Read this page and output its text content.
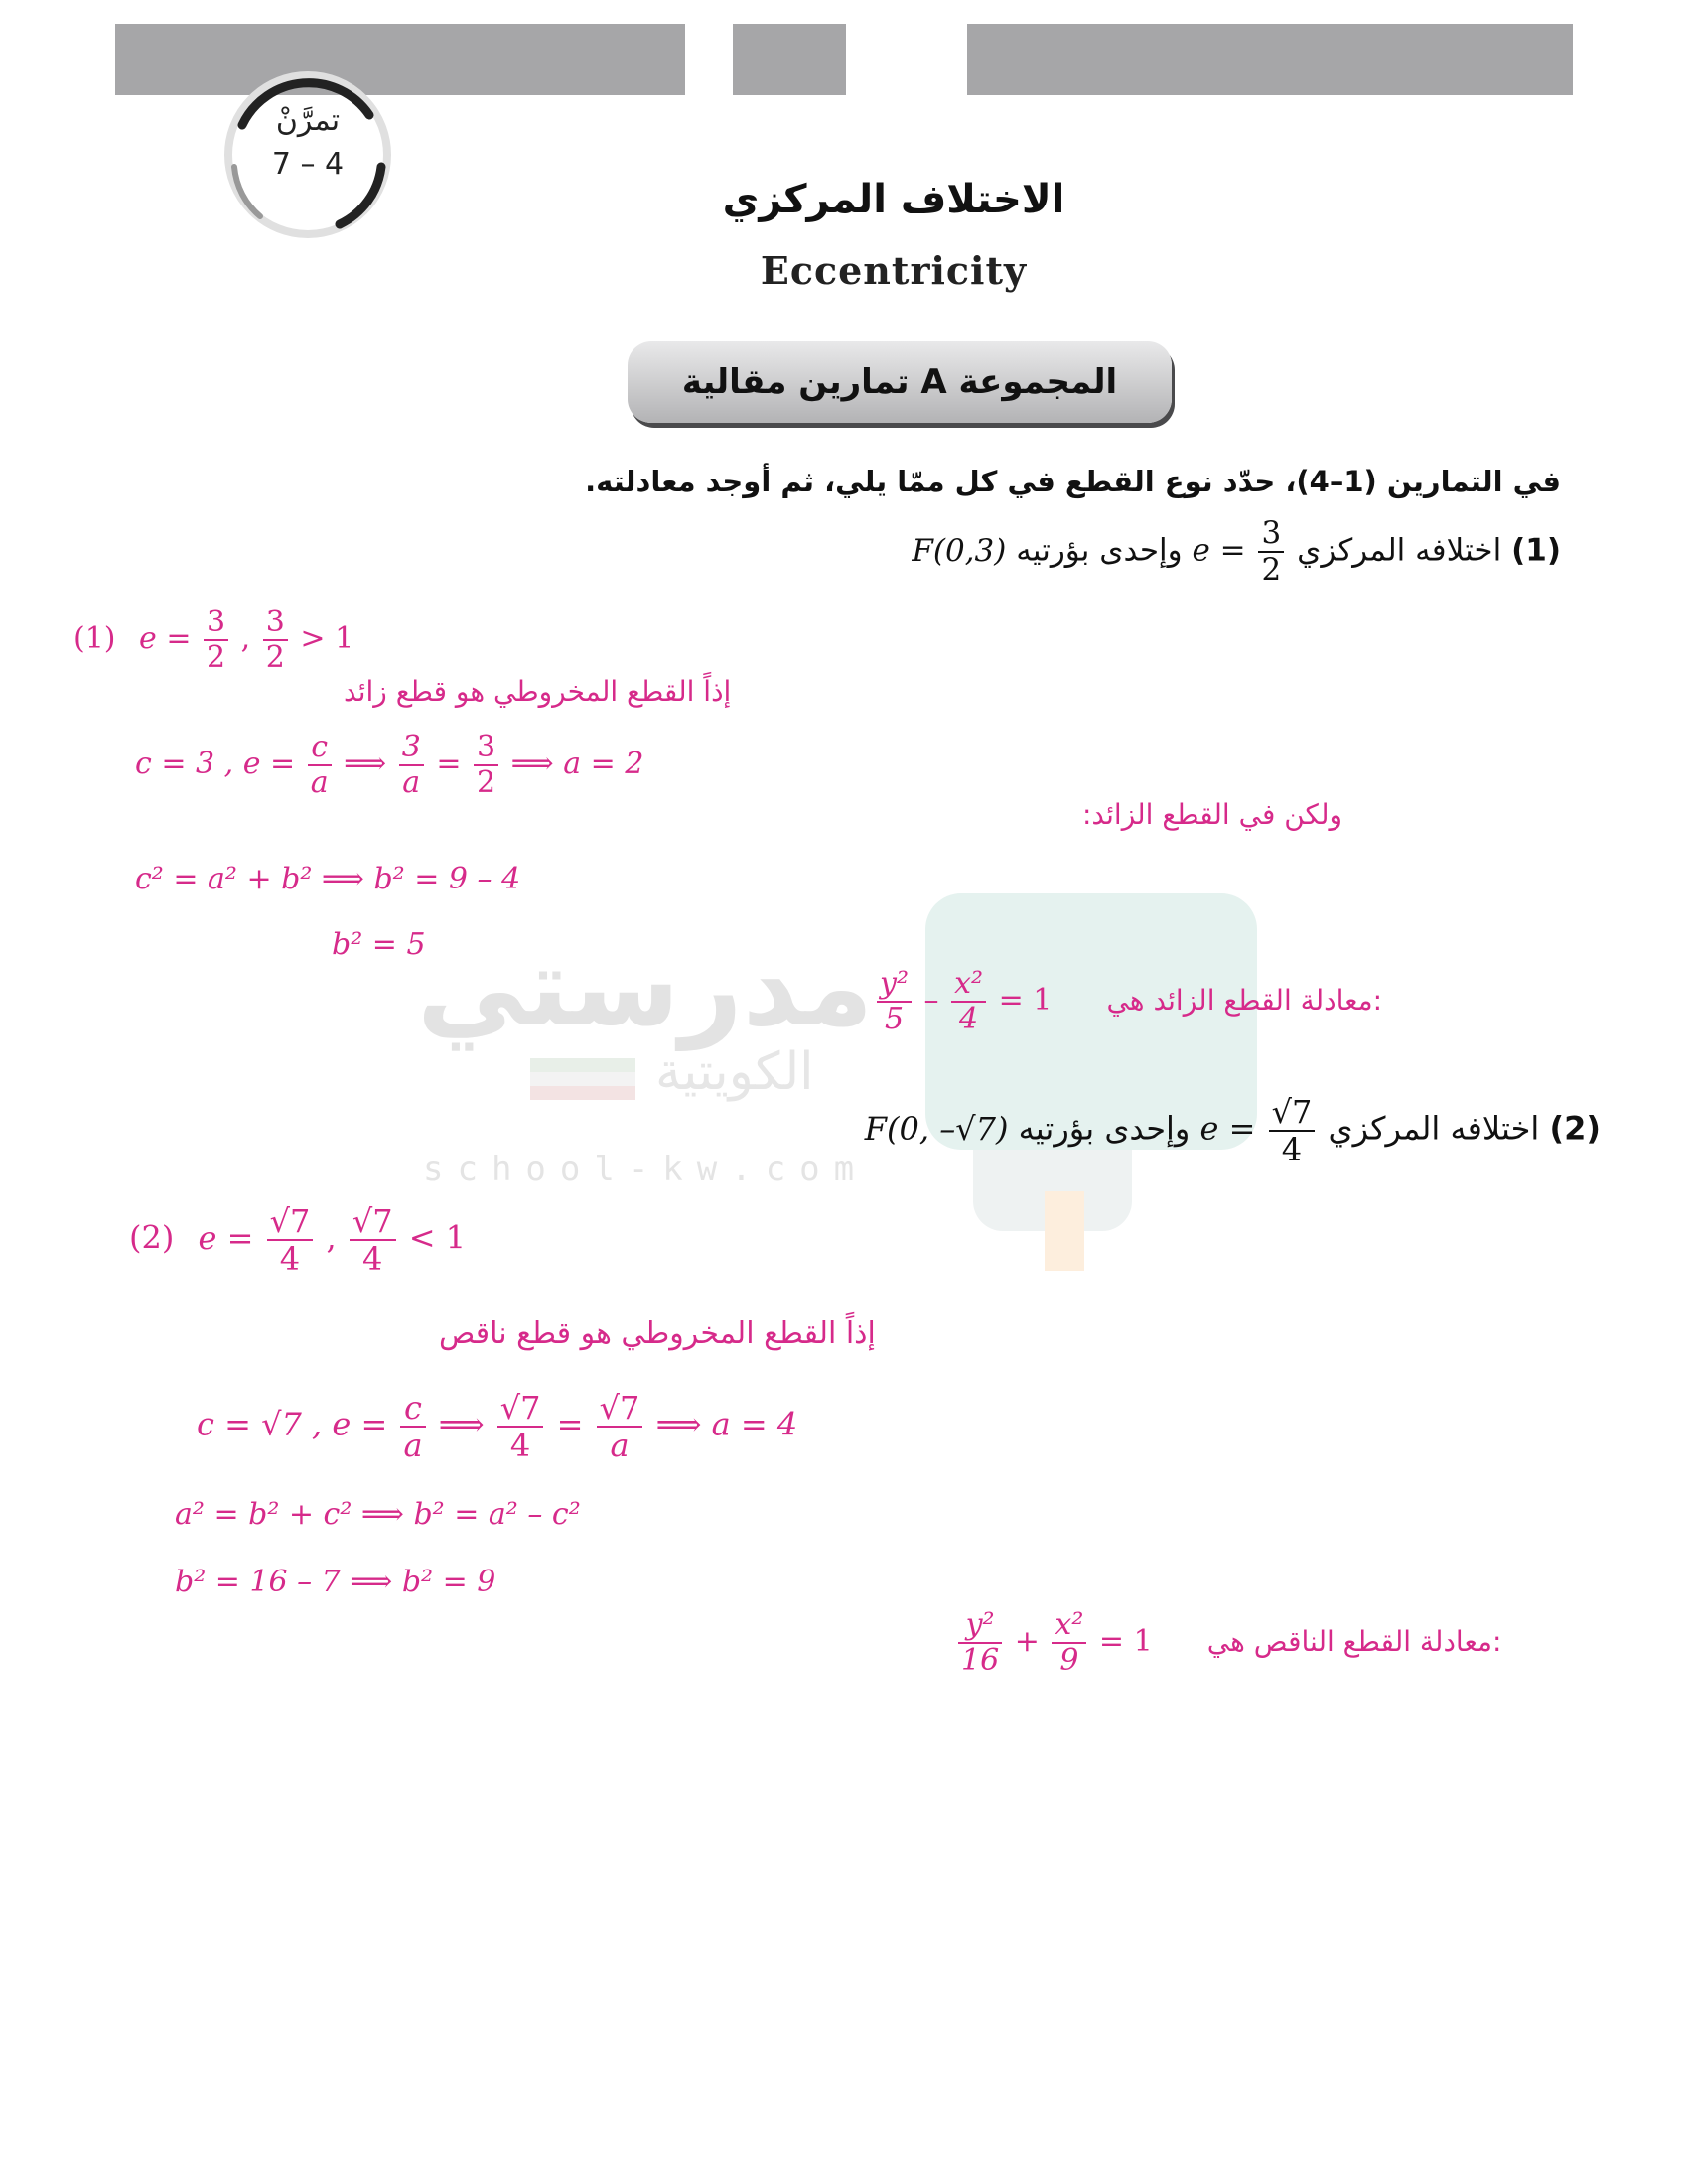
مدرستي
الكويتية
school-kw.com
تمرَّنْ
7 – 4
الاختلاف المركزي
Eccentricity
المجموعة A تمارين مقالية
في التمارين (1–4)، حدّد نوع القطع في كل ممّا يلي، ثم أوجد معادلته.
(1) اختلافه المركزي $e = \frac{3}{2}$
وإحدى بؤرتيه F(0,3)
(1) $e = \frac{3}{2}$ , $\frac{3}{2} > 1$
إذاً القطع المخروطي هو قطع زائد
c = 3 , $e = \frac{c}{a}$ ⟹ $\frac{3}{a} = \frac{3}{2}$ ⟹ a = 2
ولكن في القطع الزائد:
c² = a² + b² ⟹ b² = 9 – 4
b² = 5
$\frac{\text{y²}}{5} - \frac{\text{x²}}{4} = 1$ معادلة القطع الزائد هي:
(2) اختلافه المركزي $e = \frac{√7}{4}$
وإحدى بؤرتيه F(0, –√7)
(2) $e = \frac{√7}{4}$ , $\frac{√7}{4} < 1$
إذاً القطع المخروطي هو قطع ناقص
c = √7 , $e = \frac{c}{a}$ ⟹ $\frac{√7}{4} = \frac{√7}{a}$ ⟹ a = 4
a² = b² + c² ⟹ b² = a² – c²
b² = 16 – 7 ⟹ b² = 9
$\frac{\text{y²}}{16} + \frac{\text{x²}}{9} = 1$ معادلة القطع الناقص هي:
